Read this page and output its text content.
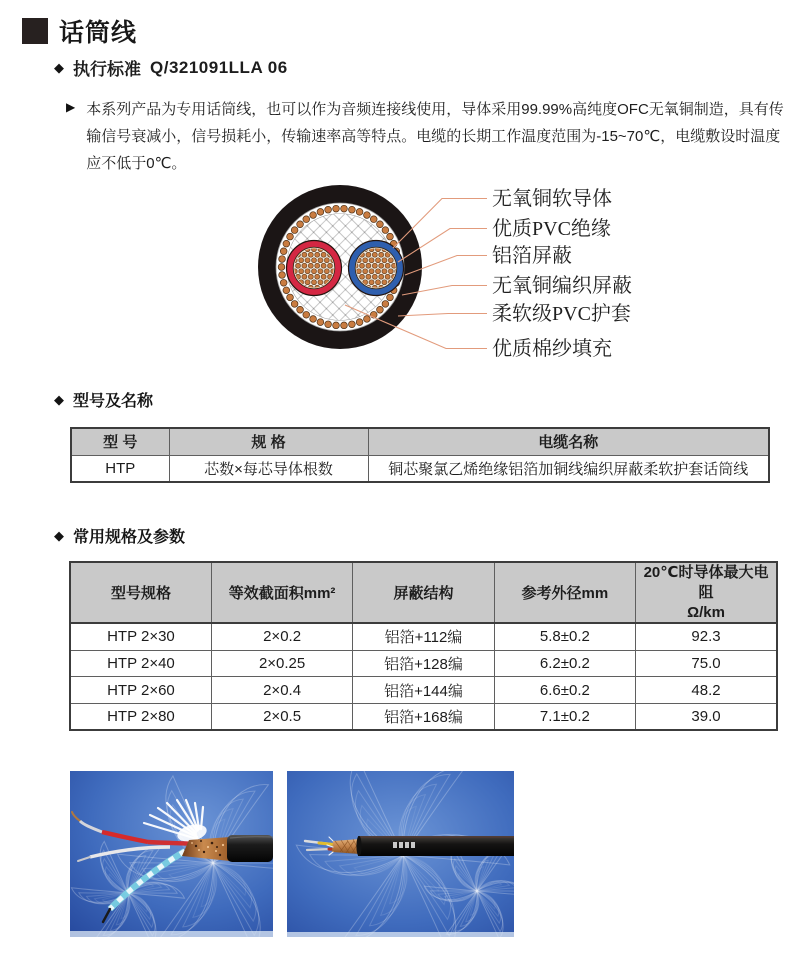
话筒线
◆ 执行标准 Q/321091LLA 06
▶ 本系列产品为专用话筒线，也可以作为音频连接线使用，导体采用99.99%高纯度OFC无氧铜制造，具有传输信号衰减小，信号损耗小，传输速率高等特点。电缆的长期工作温度范围为-15~70℃，电缆敷设时温度应不低于0℃。
无氧铜软导体
优质PVC绝缘
铝箔屏蔽
无氧铜编织屏蔽
柔软级PVC护套
优质棉纱填充
◆ 型号及名称
型 号	规 格	电缆名称
HTP	芯数×每芯导体根数	铜芯聚氯乙烯绝缘铝箔加铜线编织屏蔽柔软护套话筒线
◆ 常用规格及参数
型号规格	等效截面积mm²	屏蔽结构	参考外径mm	20℃时导体最大电阻
Ω/km

HTP 2×30	2×0.2	铝箔+112编	5.8±0.2	92.3
HTP 2×40	2×0.25	铝箔+128编	6.2±0.2	75.0
HTP 2×60	2×0.4	铝箔+144编	6.6±0.2	48.2
HTP 2×80	2×0.5	铝箔+168编	7.1±0.2	39.0
